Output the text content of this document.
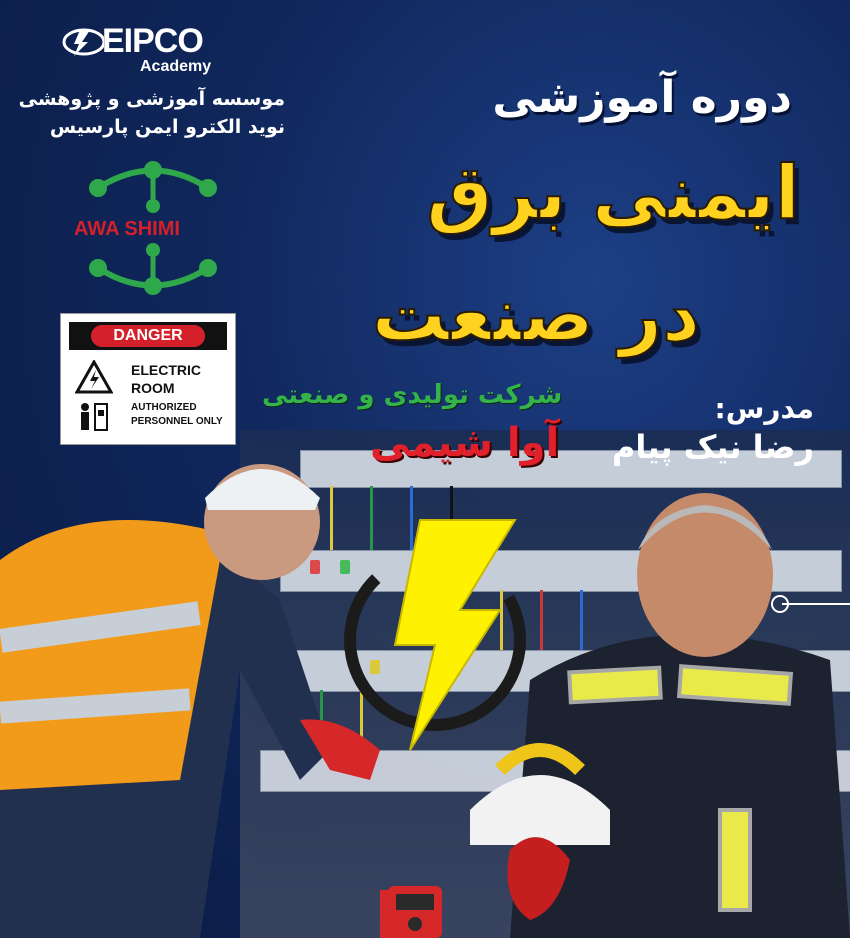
EIPCO
Academy
موسسه آموزشی و پژوهشی
نوید الکترو ایمن پارسیس
AWA SHIMI
DANGER
ELECTRIC
ROOM
AUTHORIZED
PERSONNEL ONLY
دوره آموزشی
ایمنی برق
در صنعت
شرکت تولیدی و صنعتی
آوا شیمی
مدرس:
رضا نیک پیام
